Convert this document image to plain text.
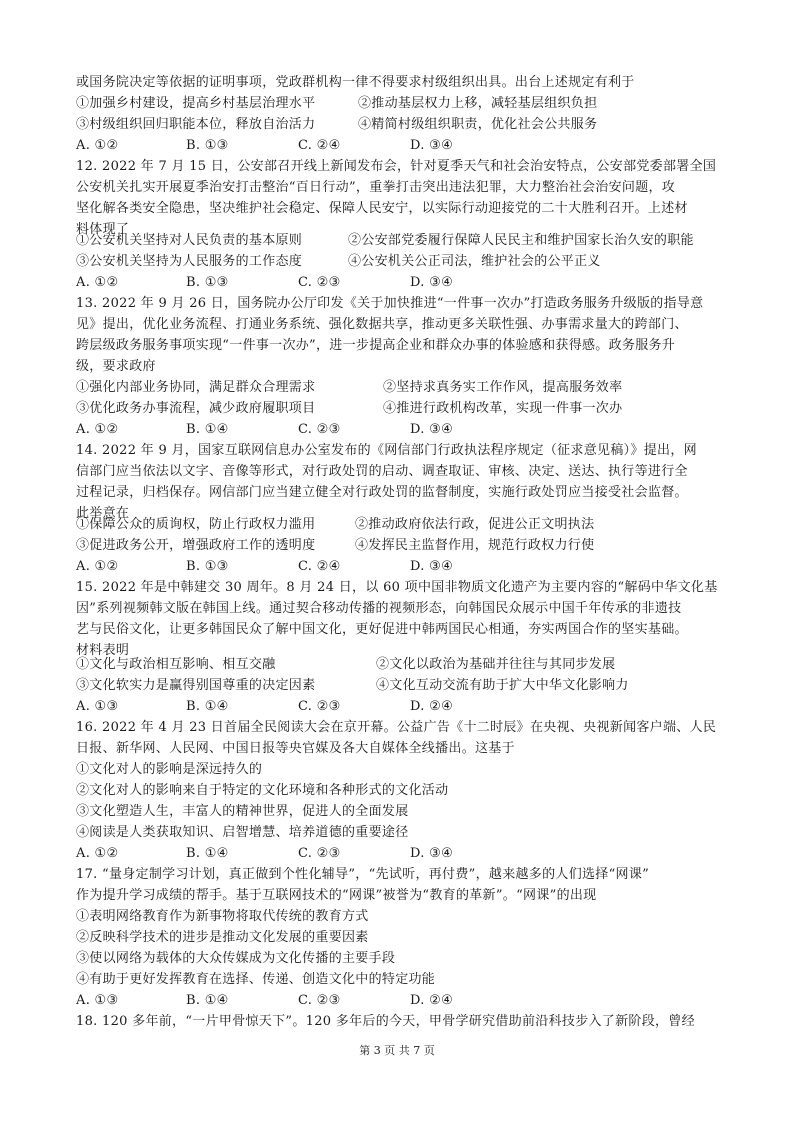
或国务院决定等依据的证明事项，党政群机构一律不得要求村级组织出具。出台上述规定有利于
①加强乡村建设，提高乡村基层治理水平	②推动基层权力上移，减轻基层组织负担
③村级组织回归职能本位，释放自治活力	④精简村级组织职责，优化社会公共服务
A. ①②	B. ①③	C. ②④	D. ③④
12. 2022 年 7 月 15 日，公安部召开线上新闻发布会，针对夏季天气和社会治安特点，公安部党委部署全国
公安机关扎实开展夏季治安打击整治“百日行动”，重拳打击突出违法犯罪，大力整治社会治安问题，攻
坚化解各类安全隐患，坚决维护社会稳定、保障人民安宁，以实际行动迎接党的二十大胜利召开。上述材
料体现了
①公安机关坚持对人民负责的基本原则	②公安部党委履行保障人民民主和维护国家长治久安的职能
③公安机关坚持为人民服务的工作态度	④公安机关公正司法，维护社会的公平正义
A. ①②	B. ①③	C. ②③	D. ③④
13. 2022 年 9 月 26 日，国务院办公厅印发《关于加快推进“一件事一次办”打造政务服务升级版的指导意
见》提出，优化业务流程、打通业务系统、强化数据共享，推动更多关联性强、办事需求量大的跨部门、
跨层级政务服务事项实现“一件事一次办”，进一步提高企业和群众办事的体验感和获得感。政务服务升
级，要求政府
①强化内部业务协同，满足群众合理需求	②坚持求真务实工作作风，提高服务效率
③优化政务办事流程，减少政府履职项目	④推进行政机构改革，实现一件事一次办
A. ①②	B. ①④	C. ②③	D. ③④
14. 2022 年 9 月，国家互联网信息办公室发布的《网信部门行政执法程序规定（征求意见稿）》提出，网
信部门应当依法以文字、音像等形式，对行政处罚的启动、调查取证、审核、决定、送达、执行等进行全
过程记录，归档保存。网信部门应当建立健全对行政处罚的监督制度，实施行政处罚应当接受社会监督。
此举意在
①保障公众的质询权，防止行政权力滥用	②推动政府依法行政，促进公正文明执法
③促进政务公开，增强政府工作的透明度	④发挥民主监督作用，规范行政权力行使
A. ①②	B. ①③	C. ②④	D. ③④
15. 2022 年是中韩建交 30 周年。8 月 24 日，以 60 项中国非物质文化遗产为主要内容的“解码中华文化基
因”系列视频韩文版在韩国上线。通过契合移动传播的视频形态，向韩国民众展示中国千年传承的非遗技
艺与民俗文化，让更多韩国民众了解中国文化，更好促进中韩两国民心相通，夯实两国合作的坚实基础。
材料表明
①文化与政治相互影响、相互交融	②文化以政治为基础并往往与其同步发展
③文化软实力是赢得别国尊重的决定因素	④文化互动交流有助于扩大中华文化影响力
A. ①③	B. ①④	C. ②③	D. ②④
16. 2022 年 4 月 23 日首届全民阅读大会在京开幕。公益广告《十二时辰》在央视、央视新闻客户端、人民
日报、新华网、人民网、中国日报等央官媒及各大自媒体全线播出。这基于
①文化对人的影响是深远持久的
②文化对人的影响来自于特定的文化环境和各种形式的文化活动
③文化塑造人生，丰富人的精神世界，促进人的全面发展
④阅读是人类获取知识、启智增慧、培养道德的重要途径
A. ①②	B. ①④	C. ②③	D. ③④
17. “量身定制学习计划，真正做到个性化辅导”，“先试听，再付费”，越来越多的人们选择“网课”
作为提升学习成绩的帮手。基于互联网技术的“网课”被誉为“教育的革新”。“网课”的出现
①表明网络教育作为新事物将取代传统的教育方式
②反映科学技术的进步是推动文化发展的重要因素
③使以网络为载体的大众传媒成为文化传播的主要手段
④有助于更好发挥教育在选择、传递、创造文化中的特定功能
A. ①③	B. ①④	C. ②③	D. ②④
18. 120 多年前，“一片甲骨惊天下”。120 多年后的今天，甲骨学研究借助前沿科技步入了新阶段，曾经
第 3 页 共 7 页
